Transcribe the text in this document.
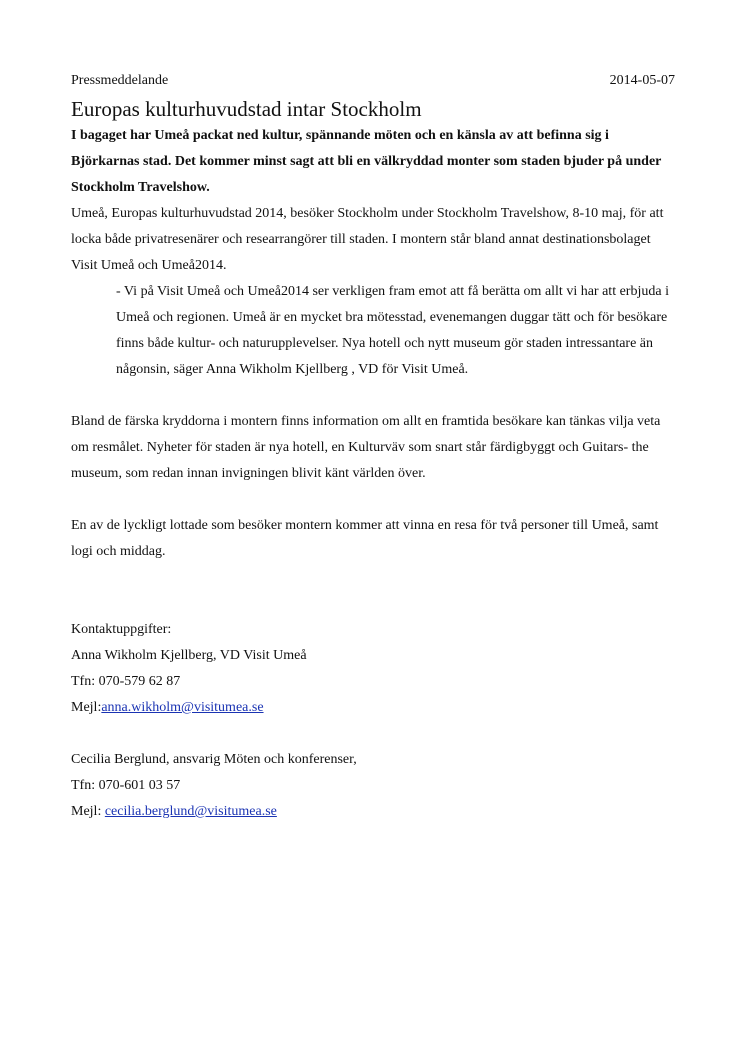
Pressmeddelande	2014-05-07
Europas kulturhuvudstad intar Stockholm

I bagaget har Umeå packat ned kultur, spännande möten och en känsla av att befinna sig i Björkarnas stad. Det kommer minst sagt att bli en välkryddad monter som staden bjuder på under Stockholm Travelshow.

Umeå, Europas kulturhuvudstad 2014, besöker Stockholm under Stockholm Travelshow, 8-10 maj, för att locka både privatresenärer och researrangörer till staden. I montern står bland annat destinationsbolaget Visit Umeå och Umeå2014.

- Vi på Visit Umeå och Umeå2014 ser verkligen fram emot att få berätta om allt vi har att erbjuda i Umeå och regionen. Umeå är en mycket bra mötesstad, evenemangen duggar tätt och för besökare finns både kultur- och naturupplevelser. Nya hotell och nytt museum gör staden intressantare än någonsin, säger Anna Wikholm Kjellberg , VD för Visit Umeå.

Bland de färska kryddorna i montern finns information om allt en framtida besökare kan tänkas vilja veta om resmålet. Nyheter för staden är nya hotell, en Kulturväv som snart står färdigbyggt och Guitars- the museum, som redan innan invigningen blivit känt världen över.

En av de lyckligt lottade som besöker montern kommer att vinna en resa för två personer till Umeå, samt logi och middag.

Kontaktuppgifter:

Anna Wikholm Kjellberg, VD Visit Umeå

Tfn: 070-579 62 87

Mejl:anna.wikholm@visitumea.se

Cecilia Berglund, ansvarig Möten och konferenser,

Tfn: 070-601 03 57

Mejl: cecilia.berglund@visitumea.se
